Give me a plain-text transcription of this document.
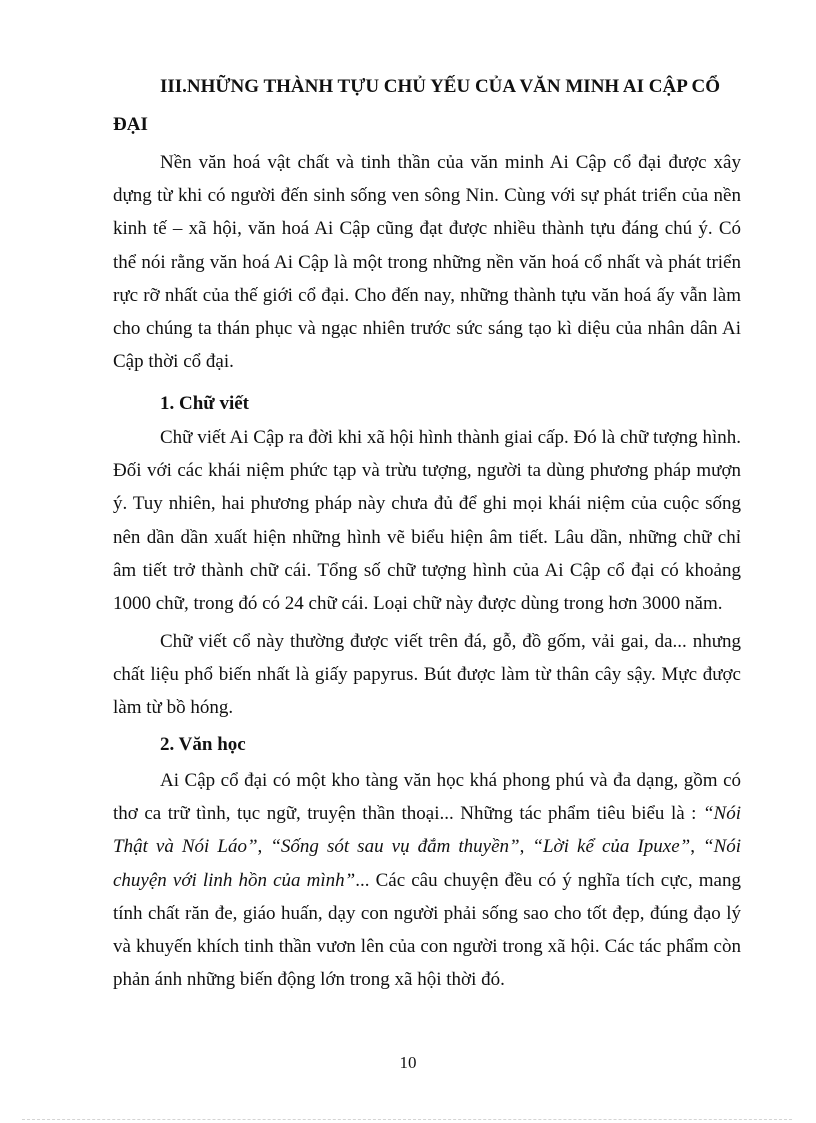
III.NHỮNG THÀNH TỰU CHỦ YẾU CỦA VĂN MINH AI CẬP CỔ ĐẠI

Nền văn hoá vật chất và tinh thần của văn minh Ai Cập cổ đại được xây dựng từ khi có người đến sinh sống ven sông Nin. Cùng với sự phát triển của nền kinh tế – xã hội, văn hoá Ai Cập cũng đạt được nhiều thành tựu đáng chú ý. Có thể nói rằng văn hoá Ai Cập là một trong những nền văn hoá cổ nhất và phát triển rực rỡ nhất của thế giới cổ đại. Cho đến nay, những thành tựu văn hoá ấy vẫn làm cho chúng ta thán phục và ngạc nhiên trước sức sáng tạo kì diệu của nhân dân Ai Cập thời cổ đại.

1. Chữ viết

Chữ viết Ai Cập ra đời khi xã hội hình thành giai cấp. Đó là chữ tượng hình. Đối với các khái niệm phức tạp và trừu tượng, người ta dùng phương pháp mượn ý. Tuy nhiên, hai phương pháp này chưa đủ để ghi mọi khái niệm của cuộc sống nên dần dần xuất hiện những hình vẽ biểu hiện âm tiết. Lâu dần, những chữ chỉ âm tiết trở thành chữ cái. Tổng số chữ tượng hình của Ai Cập cổ đại có khoảng 1000 chữ, trong đó có 24 chữ cái. Loại chữ này được dùng trong hơn 3000 năm.

Chữ viết cổ này thường được viết trên đá, gỗ, đồ gốm, vải gai, da... nhưng chất liệu phổ biến nhất là giấy papyrus. Bút được làm từ thân cây sậy. Mực được làm từ bồ hóng.

2. Văn học

Ai Cập cổ đại có một kho tàng văn học khá phong phú và đa dạng, gồm có thơ ca trữ tình, tục ngữ, truyện thần thoại... Những tác phẩm tiêu biểu là : “Nói Thật và Nói Láo”, “Sống sót sau vụ đắm thuyền”, “Lời kể của Ipuxe”, “Nói chuyện với linh hồn của mình”... Các câu chuyện đều có ý nghĩa tích cực, mang tính chất răn đe, giáo huấn, dạy con người phải sống sao cho tốt đẹp, đúng đạo lý và khuyến khích tinh thần vươn lên của con người trong xã hội. Các tác phẩm còn phản ánh những biến động lớn trong xã hội thời đó.

10
